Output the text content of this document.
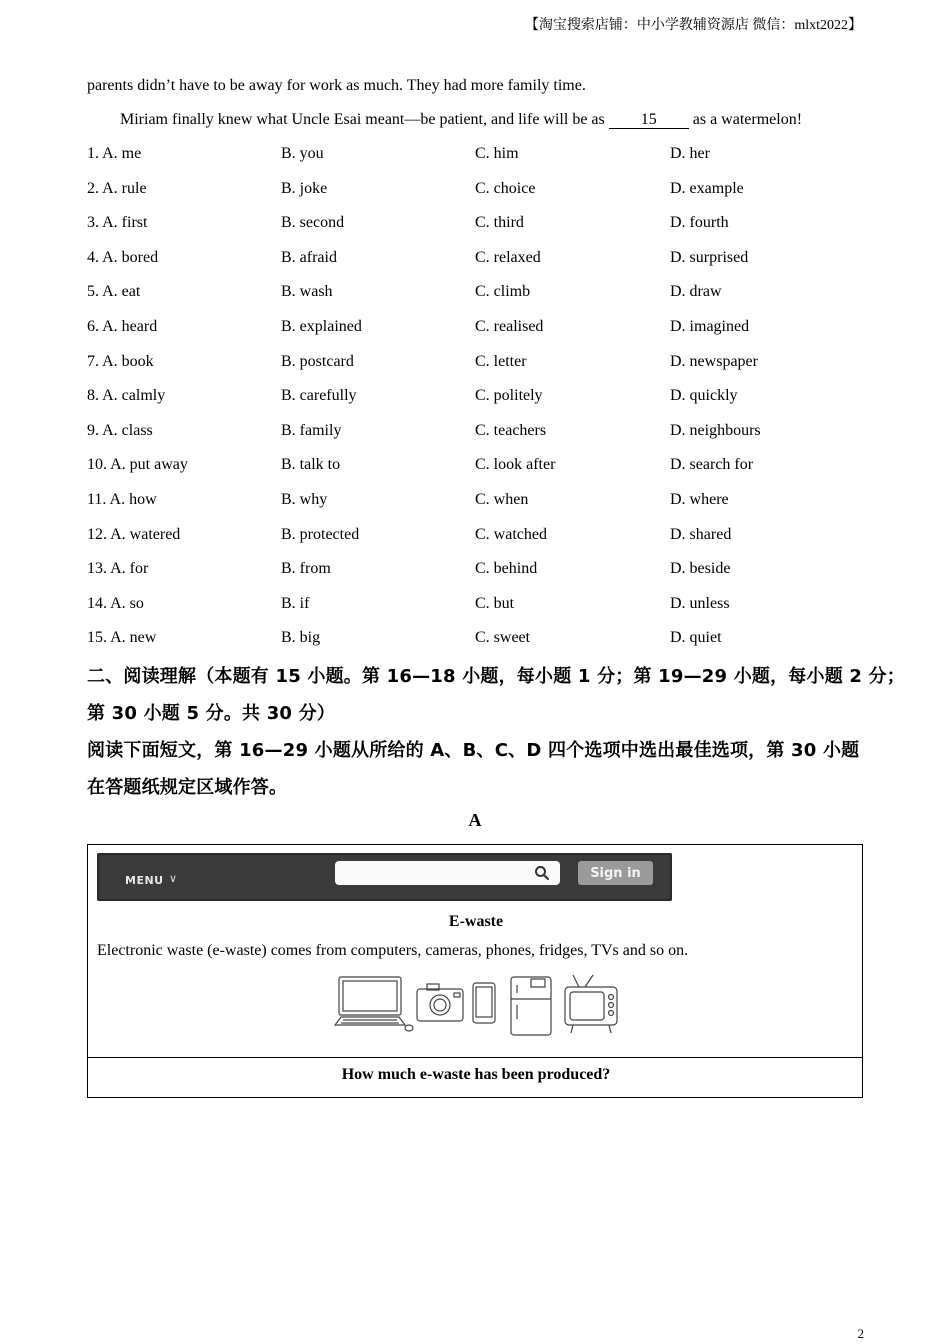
【淘宝搜索店铺：中小学教辅资源店 微信：mlxt2022】
parents didn’t have to be away for work as much. They had more family time.
Miriam finally knew what Uncle Esai meant—be patient, and life will be as 15 as a watermelon!
1. A. me	B. you	C. him	D. her
2. A. rule	B. joke	C. choice	D. example
3. A. first	B. second	C. third	D. fourth
4. A. bored	B. afraid	C. relaxed	D. surprised
5. A. eat	B. wash	C. climb	D. draw
6. A. heard	B. explained	C. realised	D. imagined
7. A. book	B. postcard	C. letter	D. newspaper
8. A. calmly	B. carefully	C. politely	D. quickly
9. A. class	B. family	C. teachers	D. neighbours
10. A. put away	B. talk to	C. look after	D. search for
11. A. how	B. why	C. when	D. where
12. A. watered	B. protected	C. watched	D. shared
13. A. for	B. from	C. behind	D. beside
14. A. so	B. if	C. but	D. unless
15. A. new	B. big	C. sweet	D. quiet
二、阅读理解（本题有 15 小题。第 16—18 小题，每小题 1 分；第 19—29 小题，每小题 2 分；
第 30 小题 5 分。共 30 分）
阅读下面短文，第 16—29 小题从所给的 A、B、C、D 四个选项中选出最佳选项，第 30 小题
在答题纸规定区域作答。
A
MENU ∨	Sign in
E-waste
Electronic waste (e-waste) comes from computers, cameras, phones, fridges, TVs and so on.
How much e-waste has been produced?
2
